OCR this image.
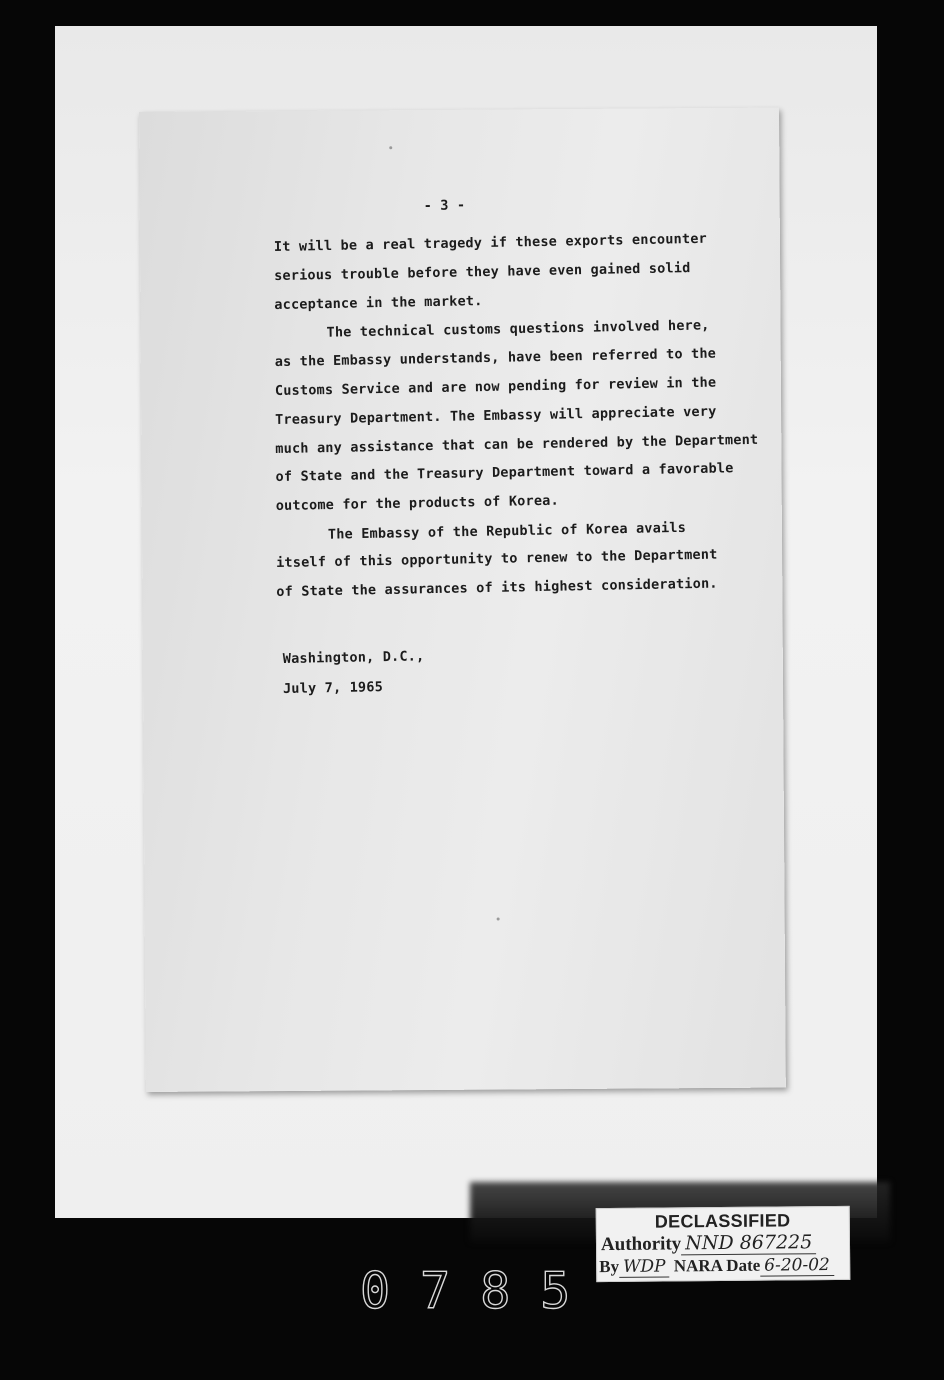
- 3 -
It will be a real tragedy if these exports encounter
serious trouble before they have even gained solid
acceptance in the market.
The technical customs questions involved here,
as the Embassy understands, have been referred to the
Customs Service and are now pending for review in the
Treasury Department. The Embassy will appreciate very
much any assistance that can be rendered by the Department
of State and the Treasury Department toward a favorable
outcome for the products of Korea.
The Embassy of the Republic of Korea avails
itself of this opportunity to renew to the Department
of State the assurances of its highest consideration.
Washington, D.C.,
July 7, 1965
DECLASSIFIED
Authority NND 867225
By WDP NARA Date 6-20-02
0785
